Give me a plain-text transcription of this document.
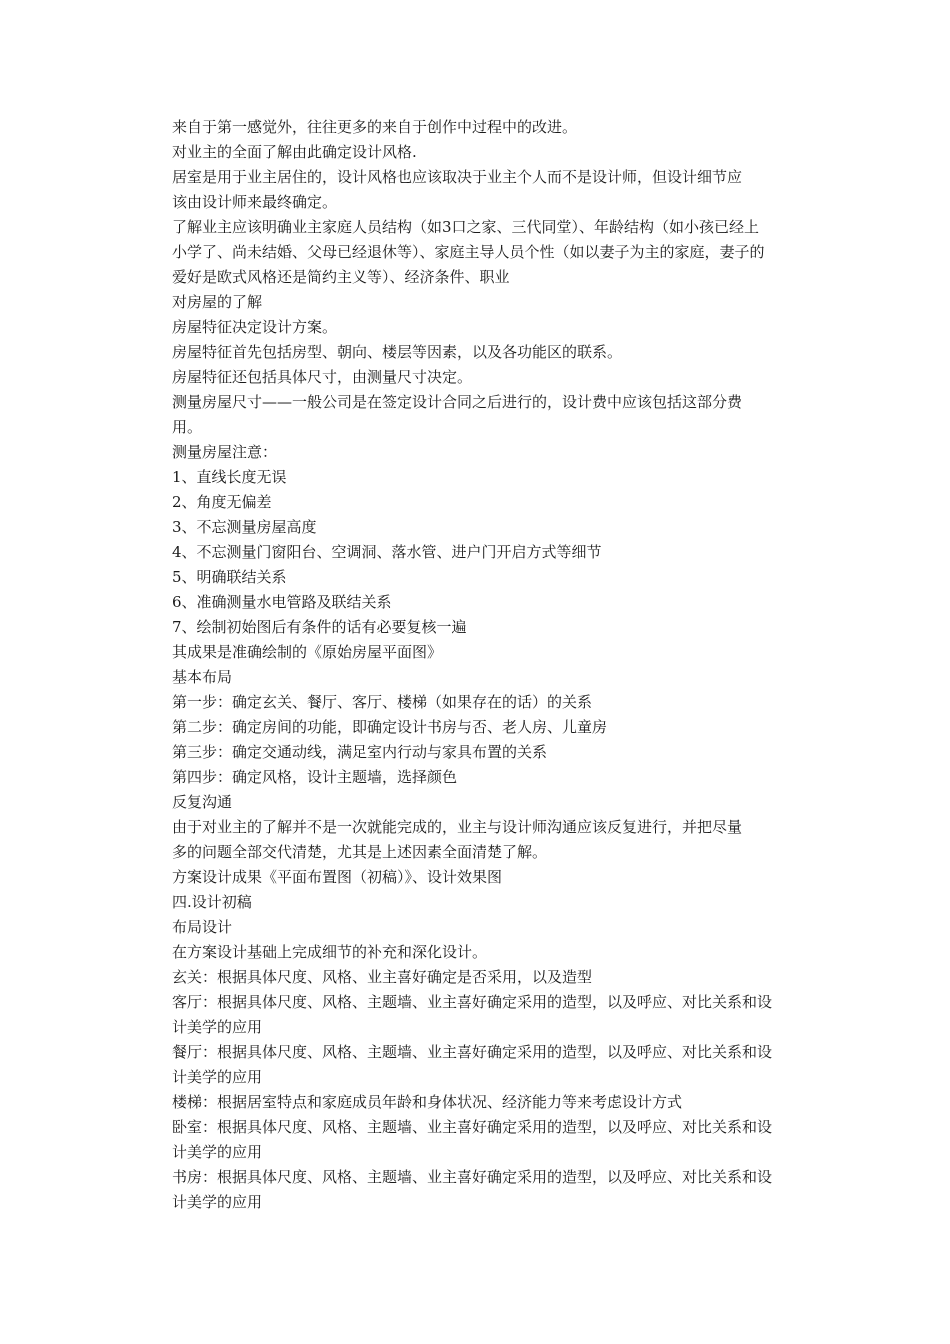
来自于第一感觉外，往往更多的来自于创作中过程中的改进。
对业主的全面了解由此确定设计风格.
居室是用于业主居住的，设计风格也应该取决于业主个人而不是设计师，但设计细节应
该由设计师来最终确定。
了解业主应该明确业主家庭人员结构（如3口之家、三代同堂）、年龄结构（如小孩已经上
小学了、尚未结婚、父母已经退休等）、家庭主导人员个性（如以妻子为主的家庭，妻子的
爱好是欧式风格还是简约主义等）、经济条件、职业
对房屋的了解
房屋特征决定设计方案。
房屋特征首先包括房型、朝向、楼层等因素，以及各功能区的联系。
房屋特征还包括具体尺寸，由测量尺寸决定。
测量房屋尺寸——一般公司是在签定设计合同之后进行的，设计费中应该包括这部分费
用。
测量房屋注意：
1、直线长度无误
2、角度无偏差
3、不忘测量房屋高度
4、不忘测量门窗阳台、空调洞、落水管、进户门开启方式等细节
5、明确联结关系
6、准确测量水电管路及联结关系
7、绘制初始图后有条件的话有必要复核一遍
其成果是准确绘制的《原始房屋平面图》
基本布局
第一步：确定玄关、餐厅、客厅、楼梯（如果存在的话）的关系
第二步：确定房间的功能，即确定设计书房与否、老人房、儿童房
第三步：确定交通动线，满足室内行动与家具布置的关系
第四步：确定风格，设计主题墙，选择颜色
反复沟通
由于对业主的了解并不是一次就能完成的，业主与设计师沟通应该反复进行，并把尽量
多的问题全部交代清楚，尤其是上述因素全面清楚了解。
方案设计成果《平面布置图（初稿）》、设计效果图
四.设计初稿
布局设计
在方案设计基础上完成细节的补充和深化设计。
玄关：根据具体尺度、风格、业主喜好确定是否采用，以及造型
客厅：根据具体尺度、风格、主题墙、业主喜好确定采用的造型，以及呼应、对比关系和设
计美学的应用
餐厅：根据具体尺度、风格、主题墙、业主喜好确定采用的造型，以及呼应、对比关系和设
计美学的应用
楼梯：根据居室特点和家庭成员年龄和身体状况、经济能力等来考虑设计方式
卧室：根据具体尺度、风格、主题墙、业主喜好确定采用的造型，以及呼应、对比关系和设
计美学的应用
书房：根据具体尺度、风格、主题墙、业主喜好确定采用的造型，以及呼应、对比关系和设
计美学的应用
